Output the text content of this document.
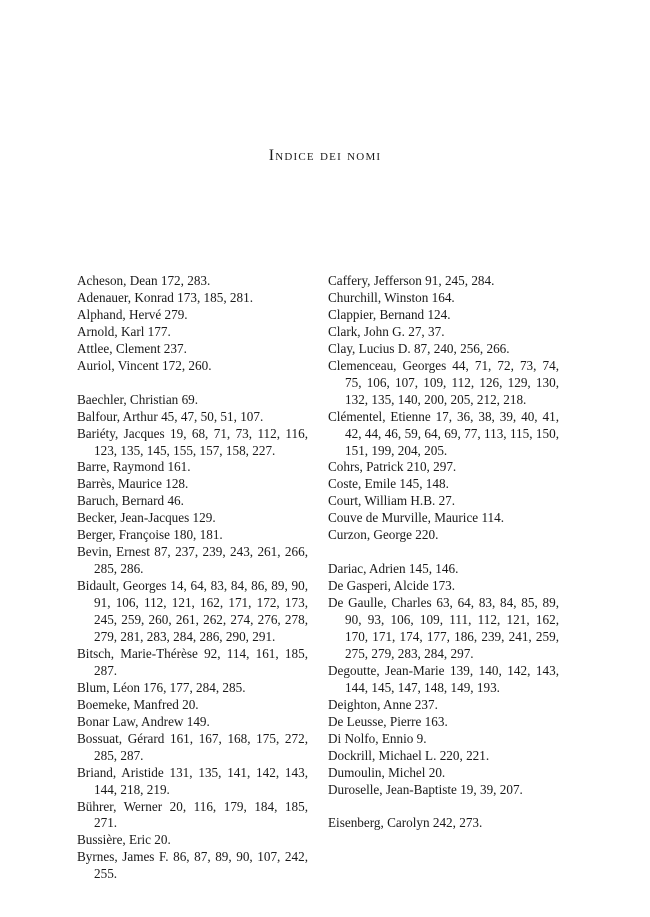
Indice dei nomi
Acheson, Dean 172, 283.
Adenauer, Konrad 173, 185, 281.
Alphand, Hervé 279.
Arnold, Karl 177.
Attlee, Clement 237.
Auriol, Vincent 172, 260.
Baechler, Christian 69.
Balfour, Arthur 45, 47, 50, 51, 107.
Bariéty, Jacques 19, 68, 71, 73, 112, 116, 123, 135, 145, 155, 157, 158, 227.
Barre, Raymond 161.
Barrès, Maurice 128.
Baruch, Bernard 46.
Becker, Jean-Jacques 129.
Berger, Françoise 180, 181.
Bevin, Ernest 87, 237, 239, 243, 261, 266, 285, 286.
Bidault, Georges 14, 64, 83, 84, 86, 89, 90, 91, 106, 112, 121, 162, 171, 172, 173, 245, 259, 260, 261, 262, 274, 276, 278, 279, 281, 283, 284, 286, 290, 291.
Bitsch, Marie-Thérèse 92, 114, 161, 185, 287.
Blum, Léon 176, 177, 284, 285.
Boemeke, Manfred 20.
Bonar Law, Andrew 149.
Bossuat, Gérard 161, 167, 168, 175, 272, 285, 287.
Briand, Aristide 131, 135, 141, 142, 143, 144, 218, 219.
Bührer, Werner 20, 116, 179, 184, 185, 271.
Bussière, Eric 20.
Byrnes, James F. 86, 87, 89, 90, 107, 242, 255.
Caffery, Jefferson 91, 245, 284.
Churchill, Winston 164.
Clappier, Bernand 124.
Clark, John G. 27, 37.
Clay, Lucius D. 87, 240, 256, 266.
Clemenceau, Georges 44, 71, 72, 73, 74, 75, 106, 107, 109, 112, 126, 129, 130, 132, 135, 140, 200, 205, 212, 218.
Clémentel, Etienne 17, 36, 38, 39, 40, 41, 42, 44, 46, 59, 64, 69, 77, 113, 115, 150, 151, 199, 204, 205.
Cohrs, Patrick 210, 297.
Coste, Emile 145, 148.
Court, William H.B. 27.
Couve de Murville, Maurice 114.
Curzon, George 220.
Dariac, Adrien 145, 146.
De Gasperi, Alcide 173.
De Gaulle, Charles 63, 64, 83, 84, 85, 89, 90, 93, 106, 109, 111, 112, 121, 162, 170, 171, 174, 177, 186, 239, 241, 259, 275, 279, 283, 284, 297.
Degoutte, Jean-Marie 139, 140, 142, 143, 144, 145, 147, 148, 149, 193.
Deighton, Anne 237.
De Leusse, Pierre 163.
Di Nolfo, Ennio 9.
Dockrill, Michael L. 220, 221.
Dumoulin, Michel 20.
Duroselle, Jean-Baptiste 19, 39, 207.
Eisenberg, Carolyn 242, 273.
